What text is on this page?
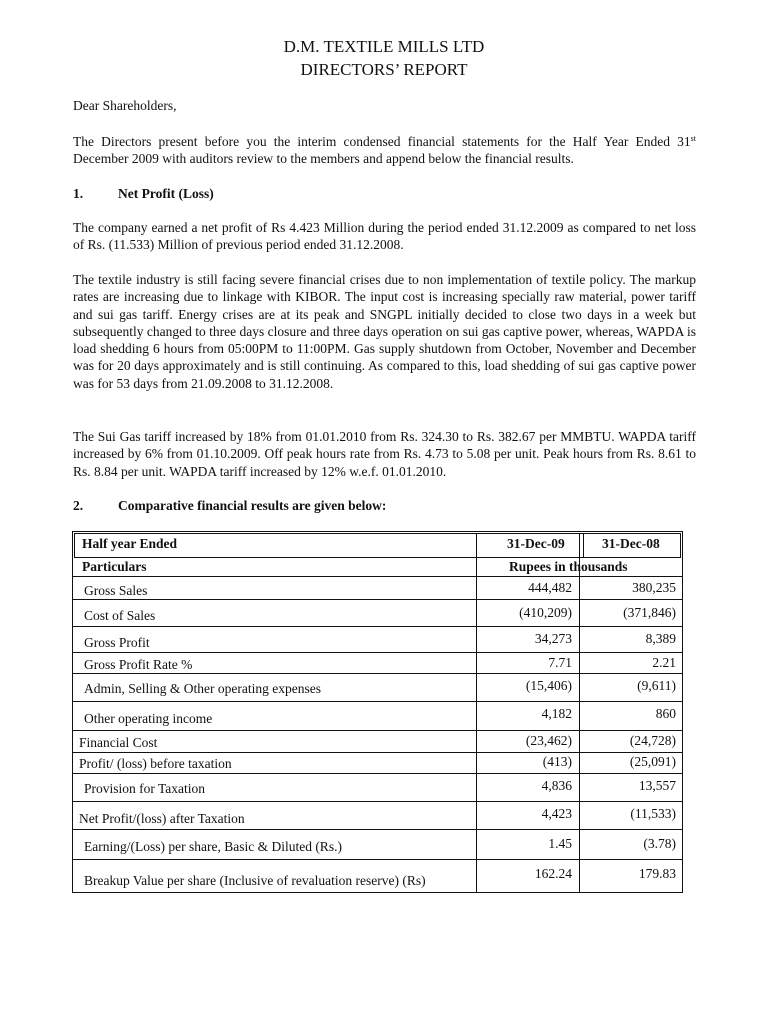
D.M. TEXTILE MILLS LTD
DIRECTORS’ REPORT
Dear Shareholders,
The Directors present before you the interim condensed financial statements for the Half Year Ended 31st December 2009 with auditors review to the members and append below the financial results.
1.	Net Profit (Loss)
The company earned a net profit of Rs 4.423 Million during the period ended 31.12.2009 as compared to net loss of Rs. (11.533) Million of previous period ended 31.12.2008.
The textile industry is still facing severe financial crises due to non implementation of textile policy. The markup rates are increasing due to linkage with KIBOR. The input cost is increasing specially raw material, power tariff and sui gas tariff. Energy crises are at its peak and SNGPL initially decided to close two days in a week but subsequently changed to three days closure and three days operation on sui gas captive power, whereas, WAPDA is load shedding 6 hours from 05:00PM to 11:00PM. Gas supply shutdown from October, November and December was for 20 days approximately and is still continuing. As compared to this, load shedding of sui gas captive power was for 53 days from 21.09.2008 to 31.12.2008.
The Sui Gas tariff increased by 18% from 01.01.2010 from Rs. 324.30 to Rs. 382.67 per MMBTU. WAPDA tariff increased by 6% from 01.10.2009. Off peak hours rate from Rs. 4.73 to 5.08 per unit. Peak hours from Rs. 8.61 to Rs. 8.84 per unit. WAPDA tariff increased by 12% w.e.f. 01.01.2010.
2.	Comparative financial results are given below:
Half year Ended	31-Dec-09	31-Dec-08
Particulars	Rupees in thousands
Gross Sales	444,482	380,235
Cost of Sales	(410,209)	(371,846)
Gross Profit	34,273	8,389
Gross Profit Rate %	7.71	2.21
Admin, Selling & Other operating expenses	(15,406)	(9,611)
Other operating income	4,182	860
Financial Cost	(23,462)	(24,728)
Profit/ (loss) before taxation	(413)	(25,091)
Provision for Taxation	4,836	13,557
Net Profit/(loss) after Taxation	4,423	(11,533)
Earning/(Loss) per share, Basic & Diluted (Rs.)	1.45	(3.78)
Breakup Value per share (Inclusive of revaluation reserve) (Rs)	162.24	179.83
